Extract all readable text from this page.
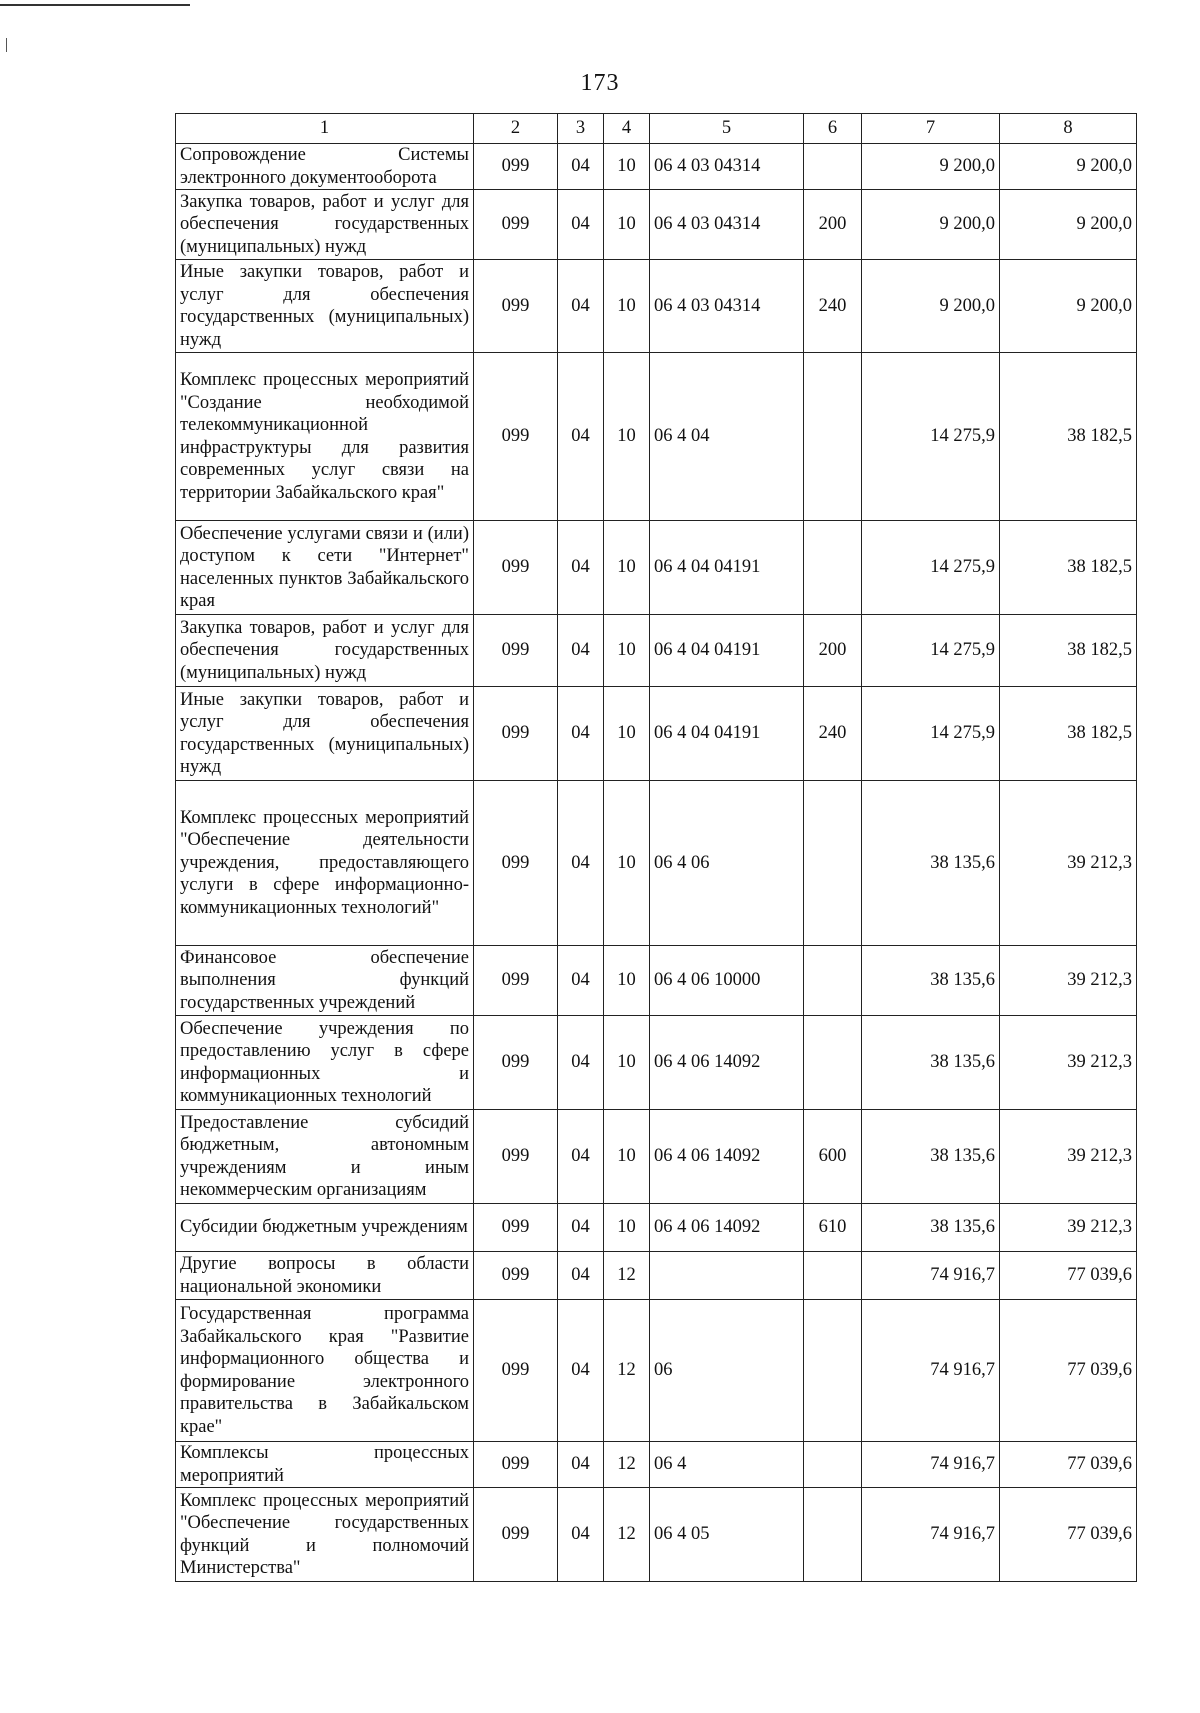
173
1	2	3	4	5	6	7	8
Сопровождение Системы электронного документооборота	099	04	10	06 4 03 04314		9 200,0	9 200,0
Закупка товаров, работ и услуг для обеспечения государственных (муниципальных) нужд	099	04	10	06 4 03 04314	200	9 200,0	9 200,0
Иные закупки товаров, работ и услуг для обеспечения государственных (муниципальных) нужд	099	04	10	06 4 03 04314	240	9 200,0	9 200,0
Комплекс процессных мероприятий "Создание необходимой телекоммуникационной инфраструктуры для развития современных услуг связи на территории Забайкальского края"	099	04	10	06 4 04		14 275,9	38 182,5
Обеспечение услугами связи и (или) доступом к сети "Интернет" населенных пунктов Забайкальского края	099	04	10	06 4 04 04191		14 275,9	38 182,5
Закупка товаров, работ и услуг для обеспечения государственных (муниципальных) нужд	099	04	10	06 4 04 04191	200	14 275,9	38 182,5
Иные закупки товаров, работ и услуг для обеспечения государственных (муниципальных) нужд	099	04	10	06 4 04 04191	240	14 275,9	38 182,5
Комплекс процессных мероприятий "Обеспечение деятельности учреждения, предоставляющего услуги в сфере информационно-коммуникационных технологий"	099	04	10	06 4 06		38 135,6	39 212,3
Финансовое обеспечение выполнения функций государственных учреждений	099	04	10	06 4 06 10000		38 135,6	39 212,3
Обеспечение учреждения по предоставлению услуг в сфере информационных и коммуникационных технологий	099	04	10	06 4 06 14092		38 135,6	39 212,3
Предоставление субсидий бюджетным, автономным учреждениям и иным некоммерческим организациям	099	04	10	06 4 06 14092	600	38 135,6	39 212,3
Субсидии бюджетным учреждениям	099	04	10	06 4 06 14092	610	38 135,6	39 212,3
Другие вопросы в области национальной экономики	099	04	12			74 916,7	77 039,6
Государственная программа Забайкальского края "Развитие информационного общества и формирование электронного правительства в Забайкальском крае"	099	04	12	06		74 916,7	77 039,6
Комплексы процессных мероприятий	099	04	12	06 4		74 916,7	77 039,6
Комплекс процессных мероприятий "Обеспечение государственных функций и полномочий Министерства"	099	04	12	06 4 05		74 916,7	77 039,6
